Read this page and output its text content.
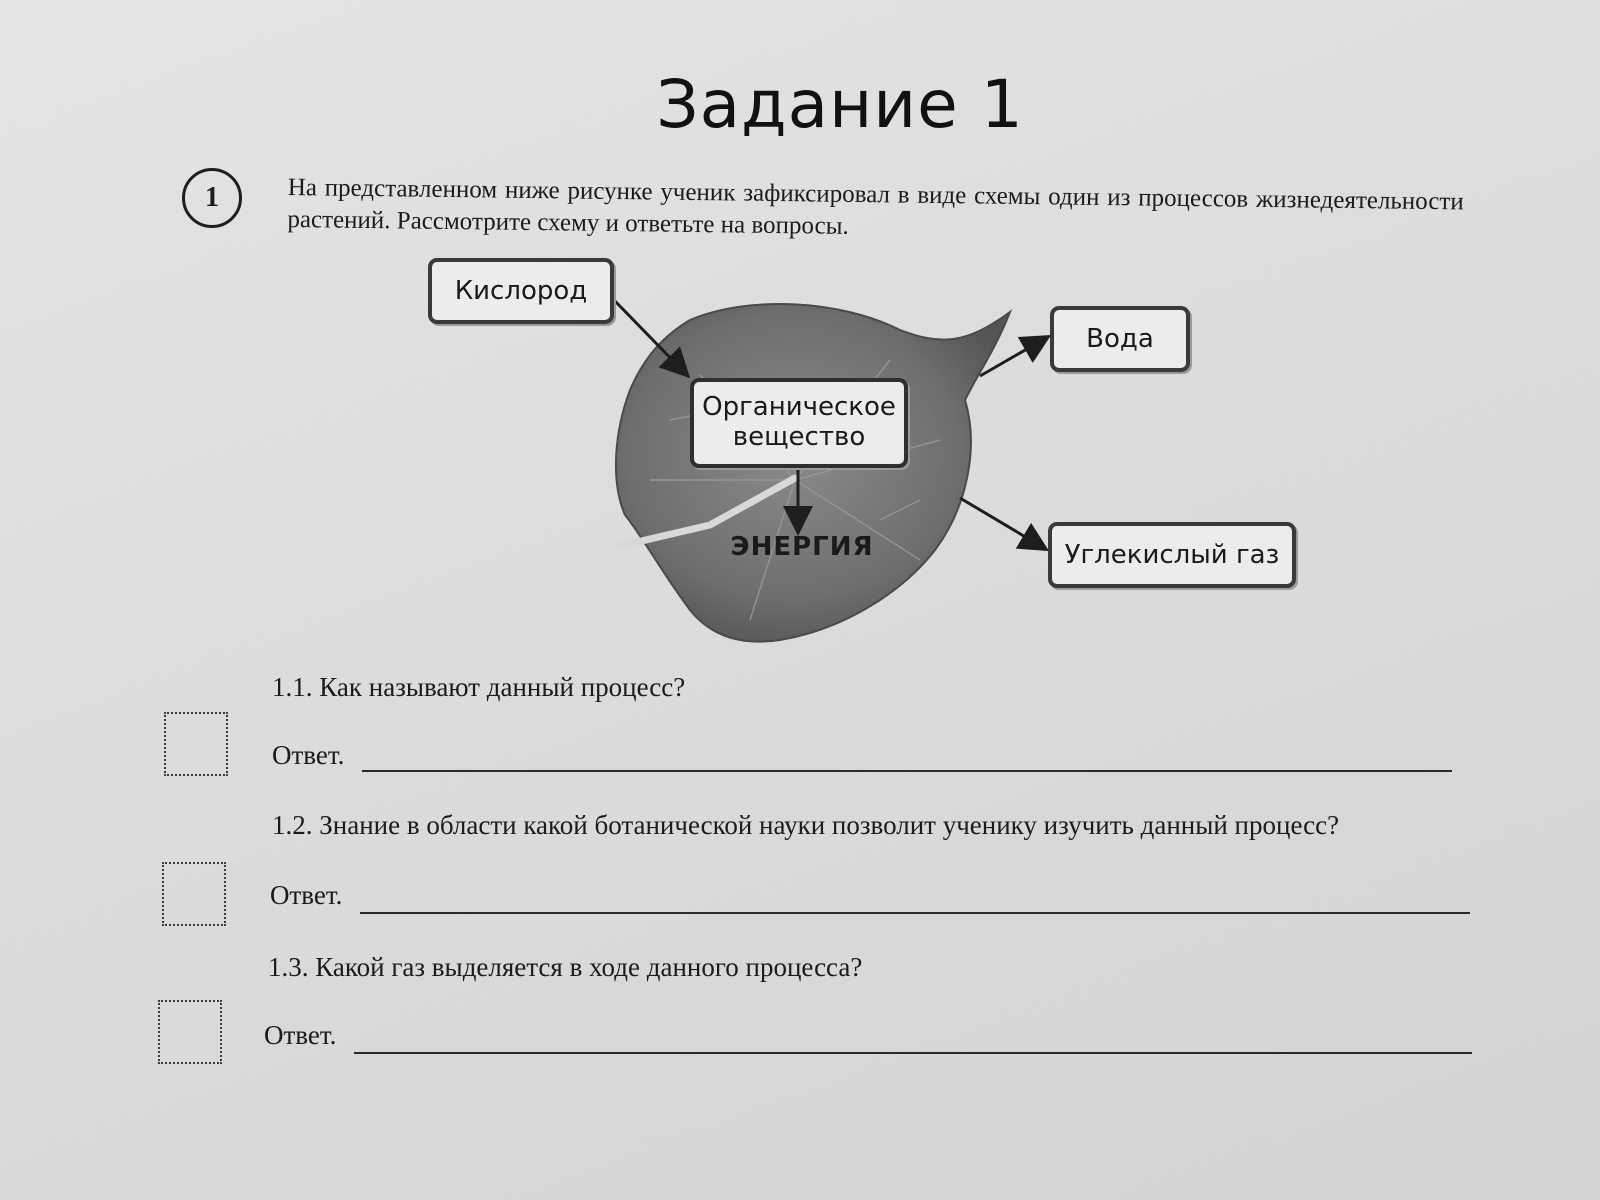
Задание 1
1	На представленном ниже рисунке ученик зафиксировал в виде схемы один из процессов жизнедеятельности растений. Рассмотрите схему и ответьте на вопросы.
Кислород
Органическое вещество
Вода
Углекислый газ
ЭНЕРГИЯ
1.1. Как называют данный процесс?
Ответ.
1.2. Знание в области какой ботанической науки позволит ученику изучить данный процесс?
Ответ.
1.3. Какой газ выделяется в ходе данного процесса?
Ответ.
